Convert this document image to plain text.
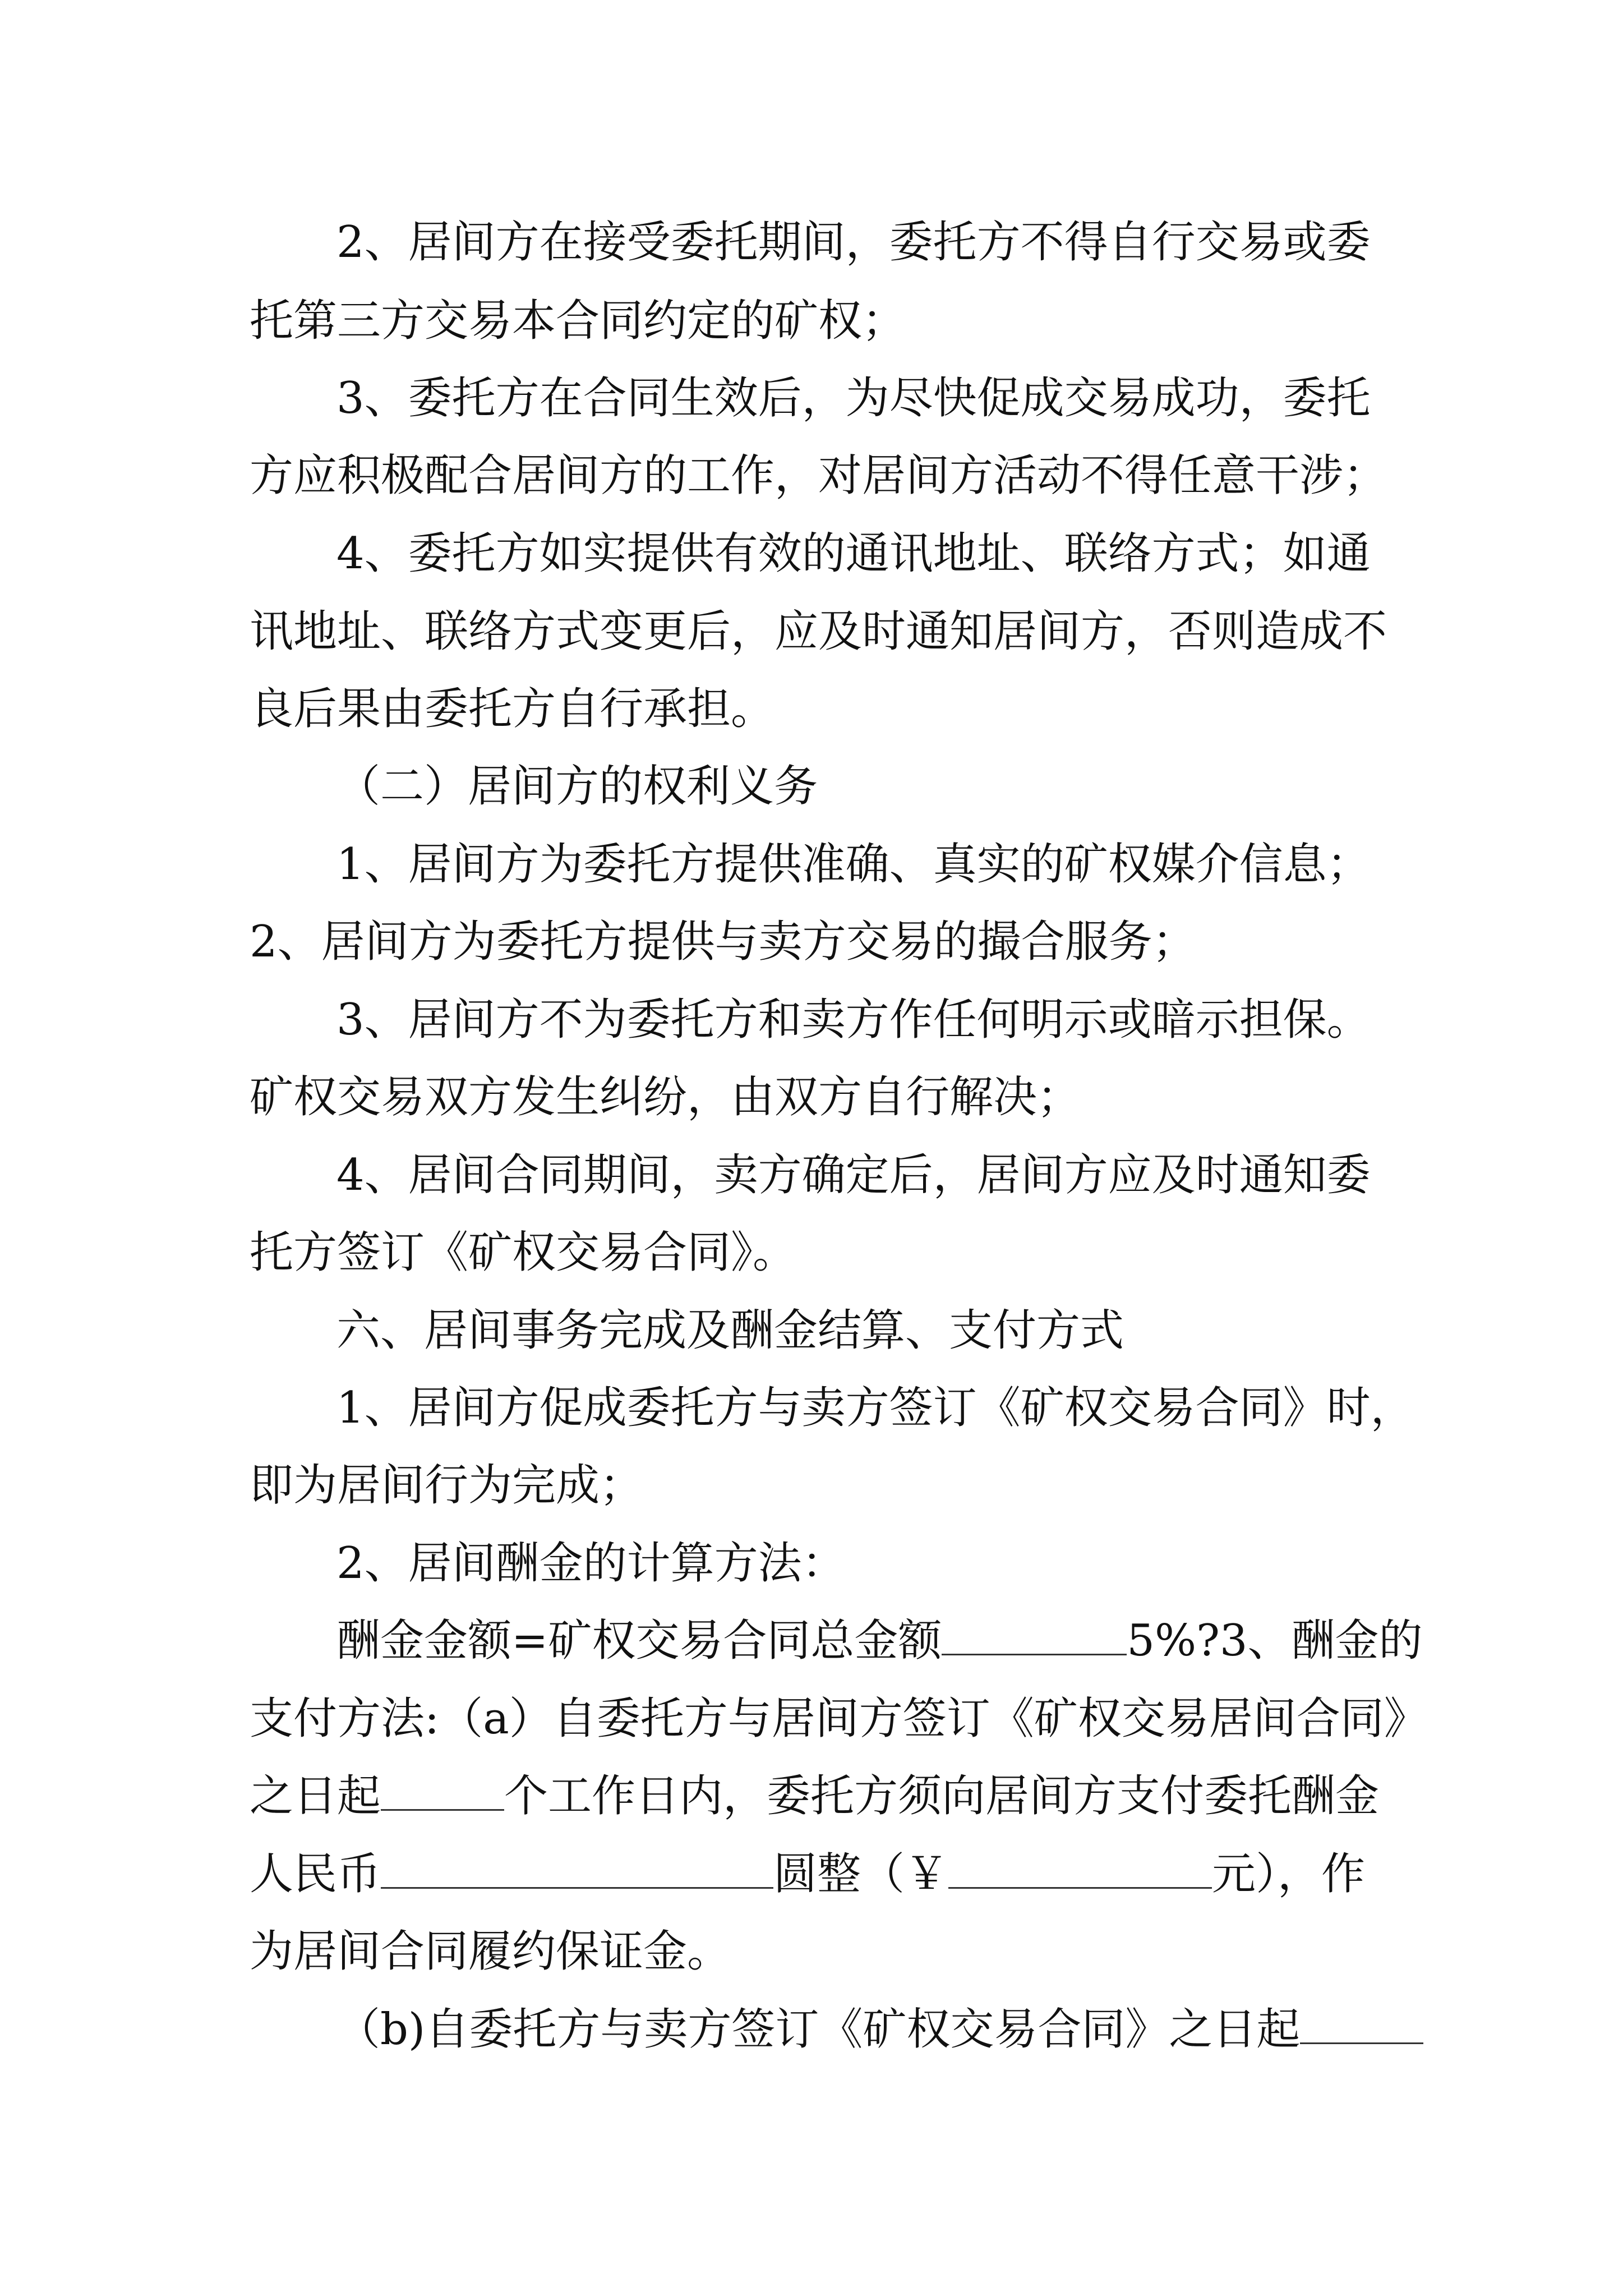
2、居间方在接受委托期间，委托方不得自行交易或委
托第三方交易本合同约定的矿权；
3、委托方在合同生效后，为尽快促成交易成功，委托
方应积极配合居间方的工作，对居间方活动不得任意干涉；
4、委托方如实提供有效的通讯地址、联络方式；如通
讯地址、联络方式变更后，应及时通知居间方，否则造成不
良后果由委托方自行承担。
（二）居间方的权利义务
1、居间方为委托方提供准确、真实的矿权媒介信息；
2、居间方为委托方提供与卖方交易的撮合服务；
3、居间方不为委托方和卖方作任何明示或暗示担保。
矿权交易双方发生纠纷，由双方自行解决；
4、居间合同期间，卖方确定后，居间方应及时通知委
托方签订《矿权交易合同》。
六、居间事务完成及酬金结算、支付方式
1、居间方促成委托方与卖方签订《矿权交易合同》时，
即为居间行为完成；
2、居间酬金的计算方法：
酬金金额=矿权交易合同总金额	5%?3、酬金的
支付方法:（a）自委托方与居间方签订《矿权交易居间合同》
之日起	个工作日内，委托方须向居间方支付委托酬金
人民币	圆整（￥	元），作
为居间合同履约保证金。
（b)自委托方与卖方签订《矿权交易合同》之日起
